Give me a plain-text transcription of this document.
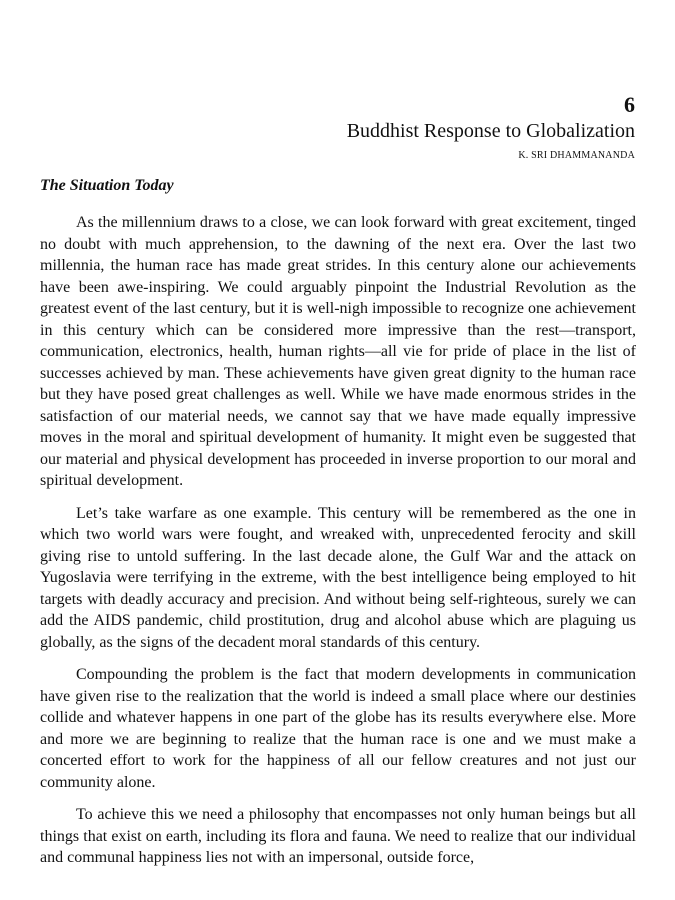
6
Buddhist Response to Globalization
K. SRI DHAMMANANDA
The Situation Today

As the millennium draws to a close, we can look forward with great excitement, tinged no doubt with much apprehension, to the dawning of the next era. Over the last two millennia, the human race has made great strides. In this century alone our achievements have been awe-inspiring. We could arguably pinpoint the Industrial Revolution as the greatest event of the last century, but it is well-nigh impossible to recognize one achievement in this century which can be considered more impressive than the rest—transport, communication, electronics, health, human rights—all vie for pride of place in the list of successes achieved by man. These achievements have given great dignity to the human race but they have posed great challenges as well. While we have made enormous strides in the satisfaction of our material needs, we cannot say that we have made equally impressive moves in the moral and spiritual development of humanity. It might even be suggested that our material and physical development has proceeded in inverse proportion to our moral and spiritual development.

Let’s take warfare as one example. This century will be remembered as the one in which two world wars were fought, and wreaked with, unprecedented ferocity and skill giving rise to untold suffering. In the last decade alone, the Gulf War and the attack on Yugoslavia were terrifying in the extreme, with the best intelligence being employed to hit targets with deadly accuracy and precision. And without being self-righteous, surely we can add the AIDS pandemic, child prostitution, drug and alcohol abuse which are plaguing us globally, as the signs of the decadent moral standards of this century.

Compounding the problem is the fact that modern developments in communication have given rise to the realization that the world is indeed a small place where our destinies collide and whatever happens in one part of the globe has its results everywhere else. More and more we are beginning to realize that the human race is one and we must make a concerted effort to work for the happiness of all our fellow creatures and not just our community alone.

To achieve this we need a philosophy that encompasses not only human beings but all things that exist on earth, including its flora and fauna. We need to realize that our individual and communal happiness lies not with an impersonal, outside force,
